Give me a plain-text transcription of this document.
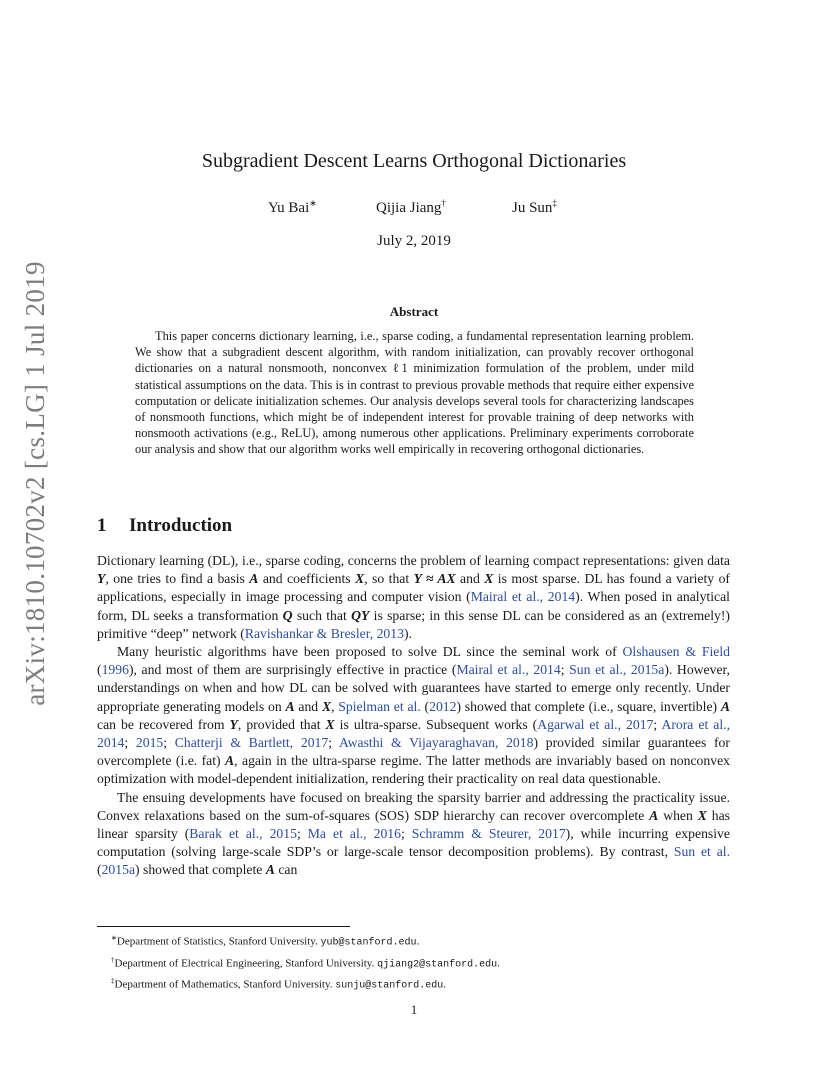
arXiv:1810.10702v2 [cs.LG] 1 Jul 2019
Subgradient Descent Learns Orthogonal Dictionaries
Yu Bai∗	Qijia Jiang†	Ju Sun‡
July 2, 2019
Abstract

This paper concerns dictionary learning, i.e., sparse coding, a fundamental representation learning problem. We show that a subgradient descent algorithm, with random initialization, can provably recover orthogonal dictionaries on a natural nonsmooth, nonconvex ℓ1 minimization formulation of the problem, under mild statistical assumptions on the data. This is in contrast to previous provable methods that require either expensive computation or delicate initialization schemes. Our analysis develops several tools for characterizing landscapes of nonsmooth functions, which might be of independent interest for provable training of deep networks with nonsmooth activations (e.g., ReLU), among numerous other applications. Preliminary experiments corroborate our analysis and show that our algorithm works well empirically in recovering orthogonal dictionaries.

1 Introduction

Dictionary learning (DL), i.e., sparse coding, concerns the problem of learning compact representations: given data Y, one tries to find a basis A and coefficients X, so that Y ≈ AX and X is most sparse. DL has found a variety of applications, especially in image processing and computer vision (Mairal et al., 2014). When posed in analytical form, DL seeks a transformation Q such that QY is sparse; in this sense DL can be considered as an (extremely!) primitive “deep” network (Ravishankar & Bresler, 2013).

Many heuristic algorithms have been proposed to solve DL since the seminal work of Olshausen & Field (1996), and most of them are surprisingly effective in practice (Mairal et al., 2014; Sun et al., 2015a). However, understandings on when and how DL can be solved with guarantees have started to emerge only recently. Under appropriate generating models on A and X, Spielman et al. (2012) showed that complete (i.e., square, invertible) A can be recovered from Y, provided that X is ultra-sparse. Subsequent works (Agarwal et al., 2017; Arora et al., 2014; 2015; Chatterji & Bartlett, 2017; Awasthi & Vijayaraghavan, 2018) provided similar guarantees for overcomplete (i.e. fat) A, again in the ultra-sparse regime. The latter methods are invariably based on nonconvex optimization with model-dependent initialization, rendering their practicality on real data questionable.

The ensuing developments have focused on breaking the sparsity barrier and addressing the practicality issue. Convex relaxations based on the sum-of-squares (SOS) SDP hierarchy can recover overcomplete A when X has linear sparsity (Barak et al., 2015; Ma et al., 2016; Schramm & Steurer, 2017), while incurring expensive computation (solving large-scale SDP’s or large-scale tensor decomposition problems). By contrast, Sun et al. (2015a) showed that complete A can

∗Department of Statistics, Stanford University. yub@stanford.edu.
†Department of Electrical Engineering, Stanford University. qjiang2@stanford.edu.
‡Department of Mathematics, Stanford University. sunju@stanford.edu.
1
